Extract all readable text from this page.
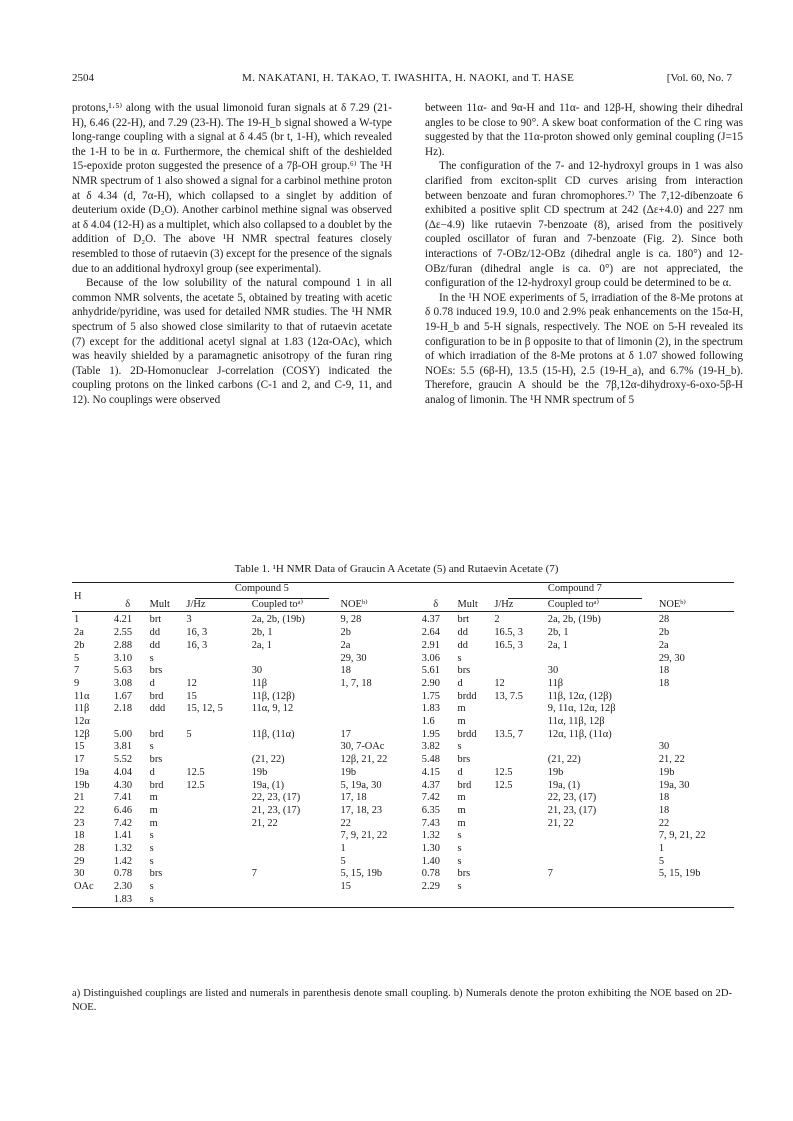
2504	M. NAKATANI, H. TAKAO, T. IWASHITA, H. NAOKI, and T. HASE	[Vol. 60, No. 7

protons,¹·⁵⁾ along with the usual limonoid furan signals at δ 7.29 (21-H), 6.46 (22-H), and 7.29 (23-H). The 19-H_b signal showed a W-type long-range coupling with a signal at δ 4.45 (br t, 1-H), which revealed the 1-H to be in α. Furthermore, the chemical shift of the deshielded 15-epoxide proton suggested the presence of a 7β-OH group.⁶⁾ The ¹H NMR spectrum of 1 also showed a signal for a carbinol methine proton at δ 4.34 (d, 7α-H), which collapsed to a singlet by addition of deuterium oxide (D₂O). Another carbinol methine signal was observed at δ 4.04 (12-H) as a multiplet, which also collapsed to a doublet by the addition of D₂O. The above ¹H NMR spectral features closely resembled to those of rutaevin (3) except for the presence of the signals due to an additional hydroxyl group (see experimental).

Because of the low solubility of the natural compound 1 in all common NMR solvents, the acetate 5, obtained by treating with acetic anhydride/pyridine, was used for detailed NMR studies. The ¹H NMR spectrum of 5 also showed close similarity to that of rutaevin acetate (7) except for the additional acetyl signal at 1.83 (12α-OAc), which was heavily shielded by a paramagnetic anisotropy of the furan ring (Table 1). 2D-Homonuclear J-correlation (COSY) indicated the coupling protons on the linked carbons (C-1 and 2, and C-9, 11, and 12). No couplings were observed

between 11α- and 9α-H and 11α- and 12β-H, showing their dihedral angles to be close to 90°. A skew boat conformation of the C ring was suggested by that the 11α-proton showed only geminal coupling (J=15 Hz).

The configuration of the 7- and 12-hydroxyl groups in 1 was also clarified from exciton-split CD curves arising from interaction between benzoate and furan chromophores.⁷⁾ The 7,12-dibenzoate 6 exhibited a positive split CD spectrum at 242 (Δε+4.0) and 227 nm (Δε−4.9) like rutaevin 7-benzoate (8), arised from the positively coupled oscillator of furan and 7-benzoate (Fig. 2). Since both interactions of 7-OBz/12-OBz (dihedral angle is ca. 180°) and 12-OBz/furan (dihedral angle is ca. 0°) are not appreciated, the configuration of the 12-hydroxyl group could be determined to be α.

In the ¹H NOE experiments of 5, irradiation of the 8-Me protons at δ 0.78 induced 19.9, 10.0 and 2.9% peak enhancements on the 15α-H, 19-H_b and 5-H signals, respectively. The NOE on 5-H revealed its configuration to be in β opposite to that of limonin (2), in the spectrum of which irradiation of the 8-Me protons at δ 1.07 showed following NOEs: 5.5 (6β-H), 13.5 (15-H), 2.5 (19-H_a), and 6.7% (19-H_b). Therefore, graucin A should be the 7β,12α-dihydroxy-6-oxo-5β-H analog of limonin. The ¹H NMR spectrum of 5

Table 1. ¹H NMR Data of Graucin A Acetate (5) and Rutaevin Acetate (7)
H	Compound 5					Compound 7				
	δ	Mult	J/Hz	Coupled toᵃ⁾	NOEᵇ⁾	δ	Mult	J/Hz	Coupled toᵃ⁾	NOEᵇ⁾
1	4.21	brt	3	2a, 2b, (19b)	9, 28	4.37	brt	2	2a, 2b, (19b)	28
2a	2.55	dd	16, 3	2b, 1	2b	2.64	dd	16.5, 3	2b, 1	2b
2b	2.88	dd	16, 3	2a, 1	2a	2.91	dd	16.5, 3	2a, 1	2a
5	3.10	s			29, 30	3.06	s			29, 30
7	5.63	brs		30	18	5.61	brs		30	18
9	3.08	d	12	11β	1, 7, 18	2.90	d	12	11β	18
11α	1.67	brd	15	11β, (12β)		1.75	brdd	13, 7.5	11β, 12α, (12β)	
11β	2.18	ddd	15, 12, 5	11α, 9, 12		1.83	m		9, 11α, 12α, 12β	
12α						1.6	m		11α, 11β, 12β	
12β	5.00	brd	5	11β, (11α)	17	1.95	brdd	13.5, 7	12α, 11β, (11α)	
15	3.81	s			30, 7-OAc	3.82	s			30
17	5.52	brs		(21, 22)	12β, 21, 22	5.48	brs		(21, 22)	21, 22
19a	4.04	d	12.5	19b	19b	4.15	d	12.5	19b	19b
19b	4.30	brd	12.5	19a, (1)	5, 19a, 30	4.37	brd	12.5	19a, (1)	19a, 30
21	7.41	m		22, 23, (17)	17, 18	7.42	m		22, 23, (17)	18
22	6.46	m		21, 23, (17)	17, 18, 23	6.35	m		21, 23, (17)	18
23	7.42	m		21, 22	22	7.43	m		21, 22	22
18	1.41	s			7, 9, 21, 22	1.32	s			7, 9, 21, 22
28	1.32	s			1	1.30	s			1
29	1.42	s			5	1.40	s			5
30	0.78	brs		7	5, 15, 19b	0.78	brs		7	5, 15, 19b
OAc	2.30	s			15	2.29	s			
	1.83	s								
a) Distinguished couplings are listed and numerals in parenthesis denote small coupling. b) Numerals denote the proton exhibiting the NOE based on 2D-NOE.
